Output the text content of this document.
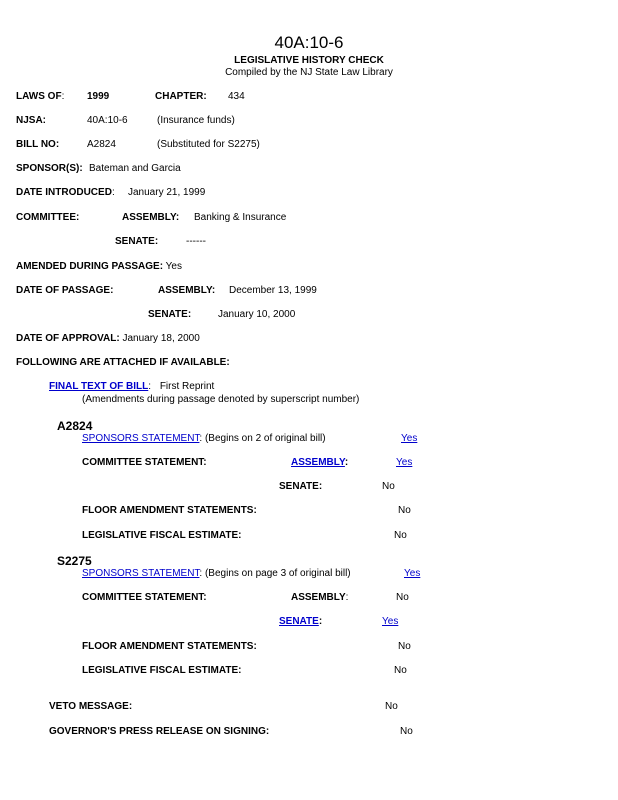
40A:10-6
LEGISLATIVE HISTORY CHECK
Compiled by the NJ State Law Library
LAWS OF: 1999	CHAPTER: 434
NJSA:	40A:10-6	(Insurance funds)
BILL NO:	A2824	(Substituted for S2275)
SPONSOR(S): Bateman and Garcia
DATE INTRODUCED: January 21, 1999
COMMITTEE:	ASSEMBLY: Banking & Insurance
SENATE:	------
AMENDED DURING PASSAGE: Yes
DATE OF PASSAGE:	ASSEMBLY: December 13, 1999
SENATE:	January 10, 2000
DATE OF APPROVAL: January 18, 2000
FOLLOWING ARE ATTACHED IF AVAILABLE:
FINAL TEXT OF BILL: First Reprint
(Amendments during passage denoted by superscript number)
A2824
SPONSORS STATEMENT: (Begins on 2 of original bill)	Yes
COMMITTEE STATEMENT:	ASSEMBLY:	Yes
SENATE:	No
FLOOR AMENDMENT STATEMENTS:	No
LEGISLATIVE FISCAL ESTIMATE:	No
S2275
SPONSORS STATEMENT: (Begins on page 3 of original bill)	Yes
COMMITTEE STATEMENT:	ASSEMBLY:	No
SENATE:	Yes
FLOOR AMENDMENT STATEMENTS:	No
LEGISLATIVE FISCAL ESTIMATE:	No
VETO MESSAGE:	No
GOVERNOR'S PRESS RELEASE ON SIGNING:	No
